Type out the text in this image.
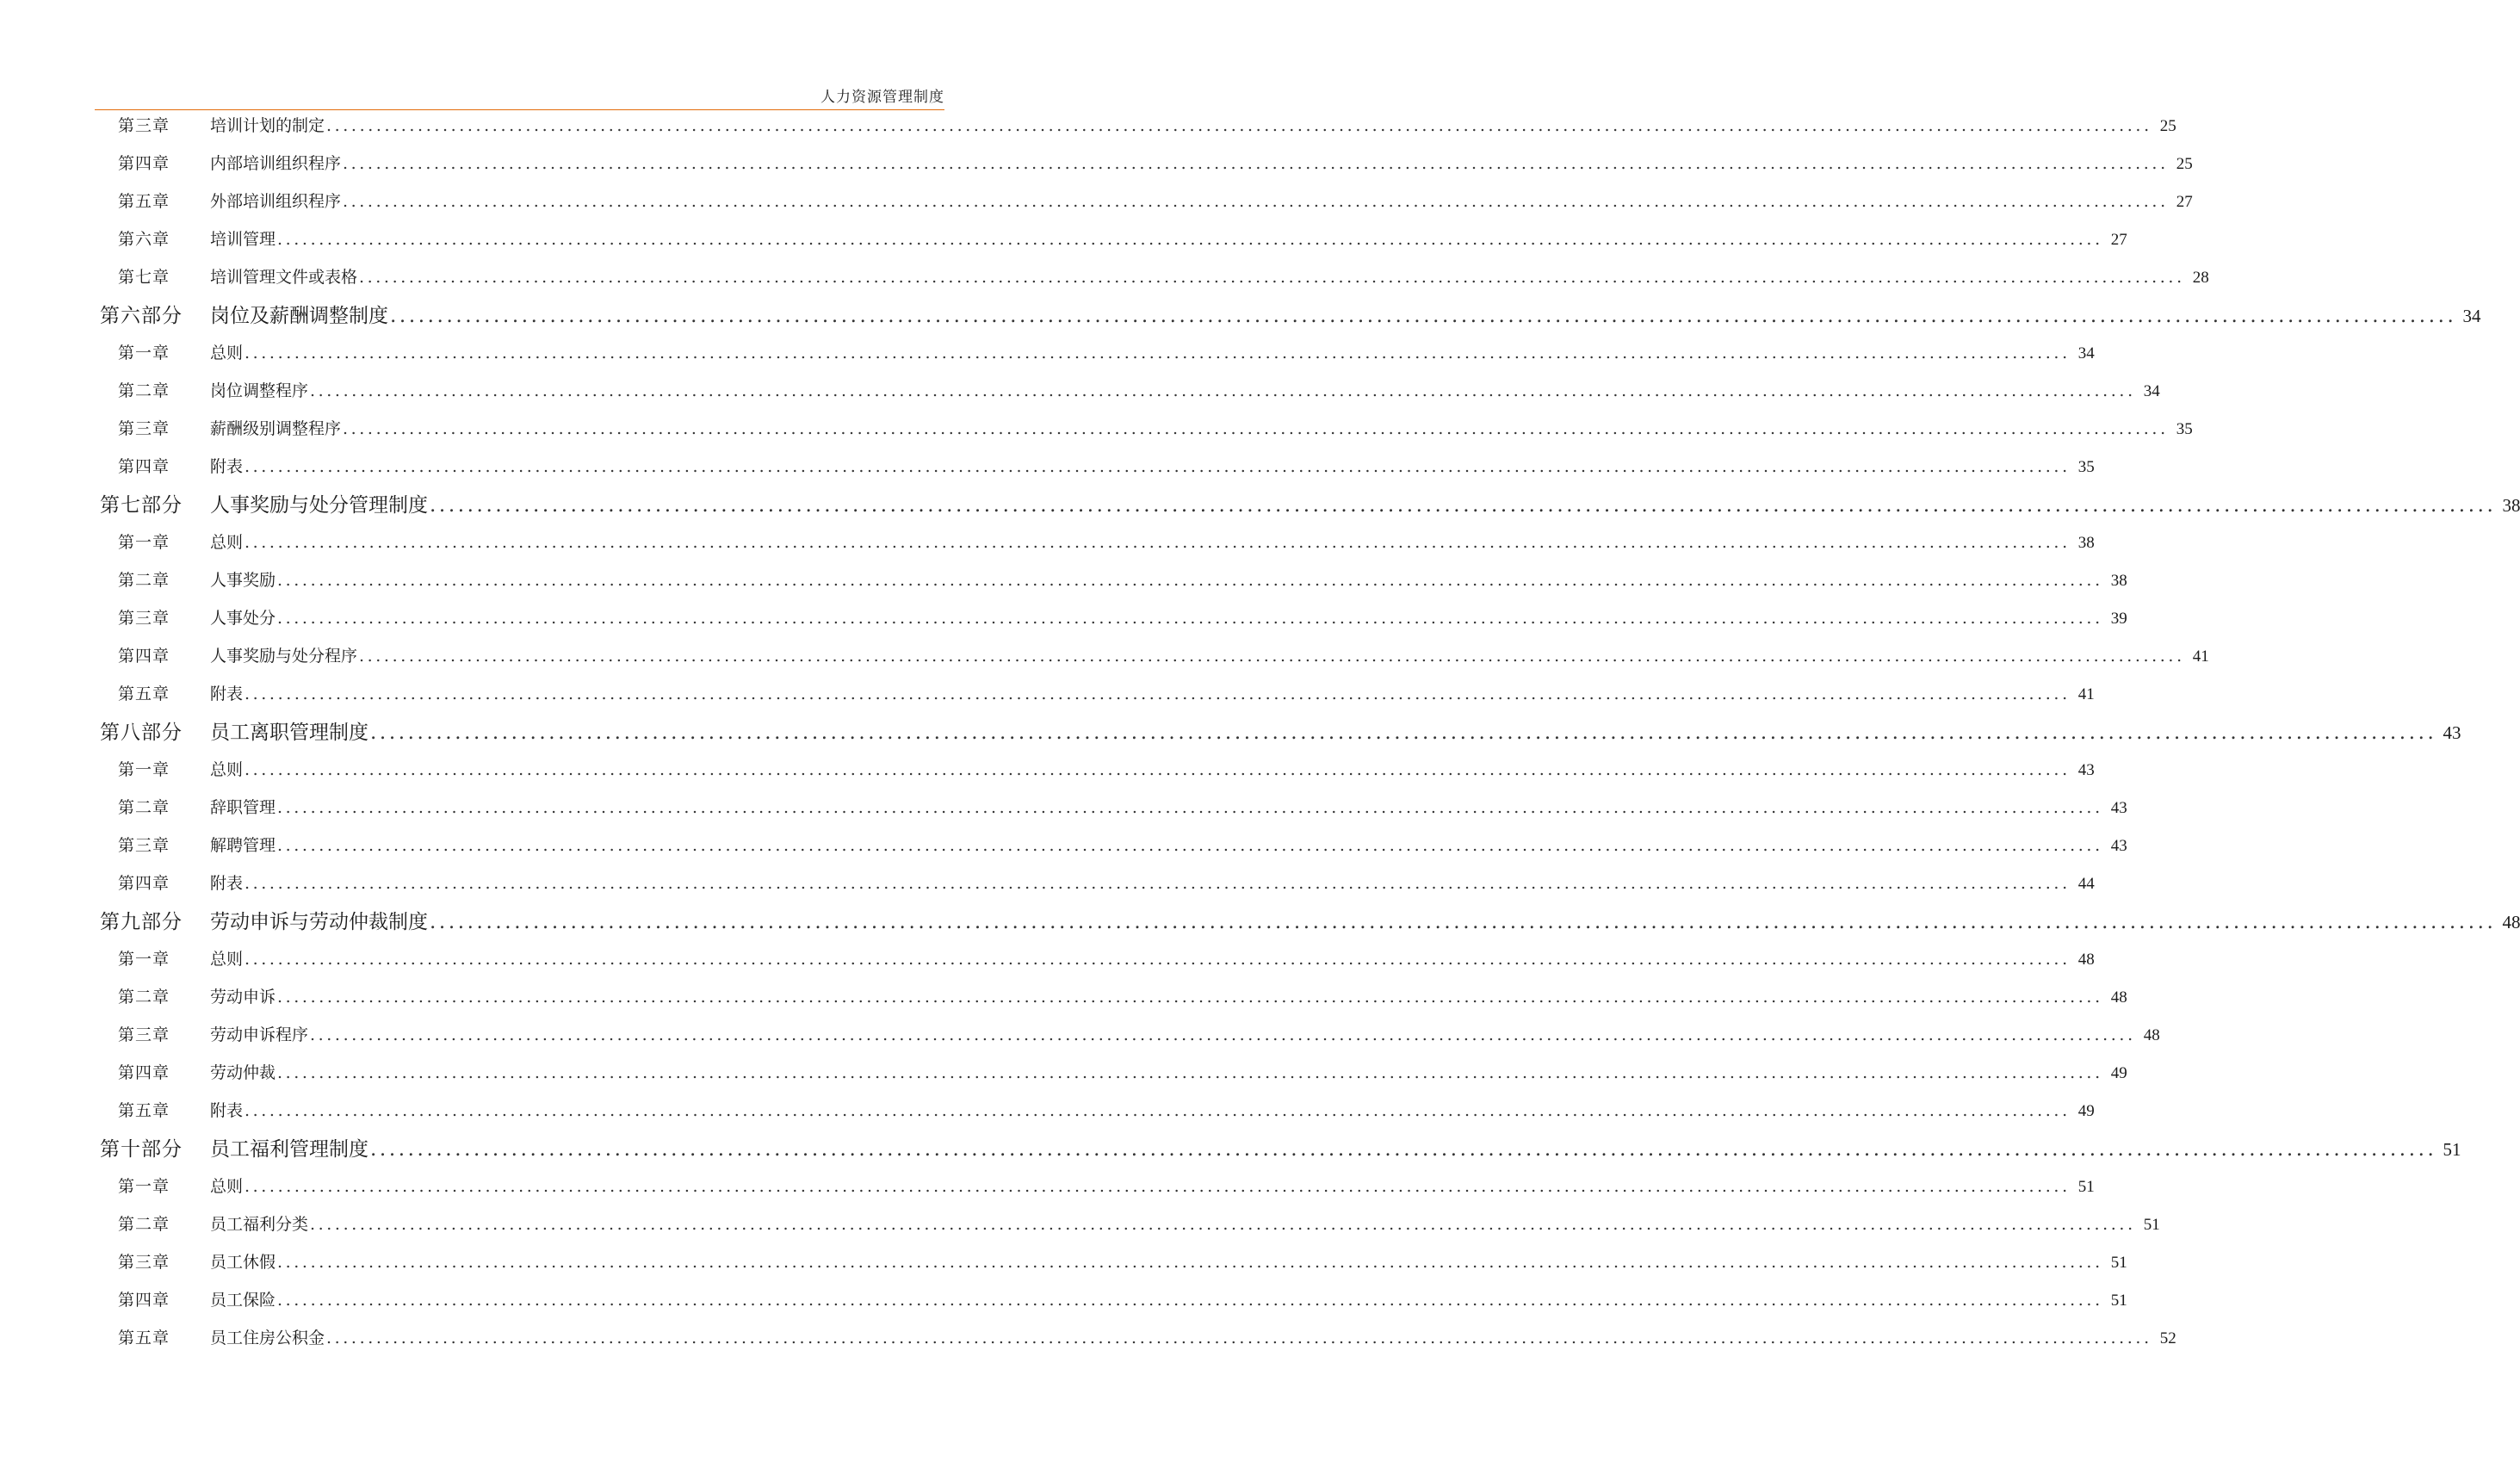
人力资源管理制度
第三章 培训计划的制定 ............................................................................................................................................................................................................................ 25
第四章 内部培训组织程序 ............................................................................................................................................................................................................................ 25
第五章 外部培训组织程序 ............................................................................................................................................................................................................................ 27
第六章 培训管理 ............................................................................................................................................................................................................................ 27
第七章 培训管理文件或表格 ............................................................................................................................................................................................................................ 28
第六部分 岗位及薪酬调整制度 ............................................................................................................................................................................................................................ 34
第一章 总则 ............................................................................................................................................................................................................................ 34
第二章 岗位调整程序 ............................................................................................................................................................................................................................ 34
第三章 薪酬级别调整程序 ............................................................................................................................................................................................................................ 35
第四章 附表 ............................................................................................................................................................................................................................ 35
第七部分 人事奖励与处分管理制度 ............................................................................................................................................................................................................................ 38
第一章 总则 ............................................................................................................................................................................................................................ 38
第二章 人事奖励 ............................................................................................................................................................................................................................ 38
第三章 人事处分 ............................................................................................................................................................................................................................ 39
第四章 人事奖励与处分程序 ............................................................................................................................................................................................................................ 41
第五章 附表 ............................................................................................................................................................................................................................ 41
第八部分 员工离职管理制度 ............................................................................................................................................................................................................................ 43
第一章 总则 ............................................................................................................................................................................................................................ 43
第二章 辞职管理 ............................................................................................................................................................................................................................ 43
第三章 解聘管理 ............................................................................................................................................................................................................................ 43
第四章 附表 ............................................................................................................................................................................................................................ 44
第九部分 劳动申诉与劳动仲裁制度 ............................................................................................................................................................................................................................ 48
第一章 总则 ............................................................................................................................................................................................................................ 48
第二章 劳动申诉 ............................................................................................................................................................................................................................ 48
第三章 劳动申诉程序 ............................................................................................................................................................................................................................ 48
第四章 劳动仲裁 ............................................................................................................................................................................................................................ 49
第五章 附表 ............................................................................................................................................................................................................................ 49
第十部分 员工福利管理制度 ............................................................................................................................................................................................................................ 51
第一章 总则 ............................................................................................................................................................................................................................ 51
第二章 员工福利分类 ............................................................................................................................................................................................................................ 51
第三章 员工休假 ............................................................................................................................................................................................................................ 51
第四章 员工保险 ............................................................................................................................................................................................................................ 51
第五章 员工住房公积金 ............................................................................................................................................................................................................................ 52
